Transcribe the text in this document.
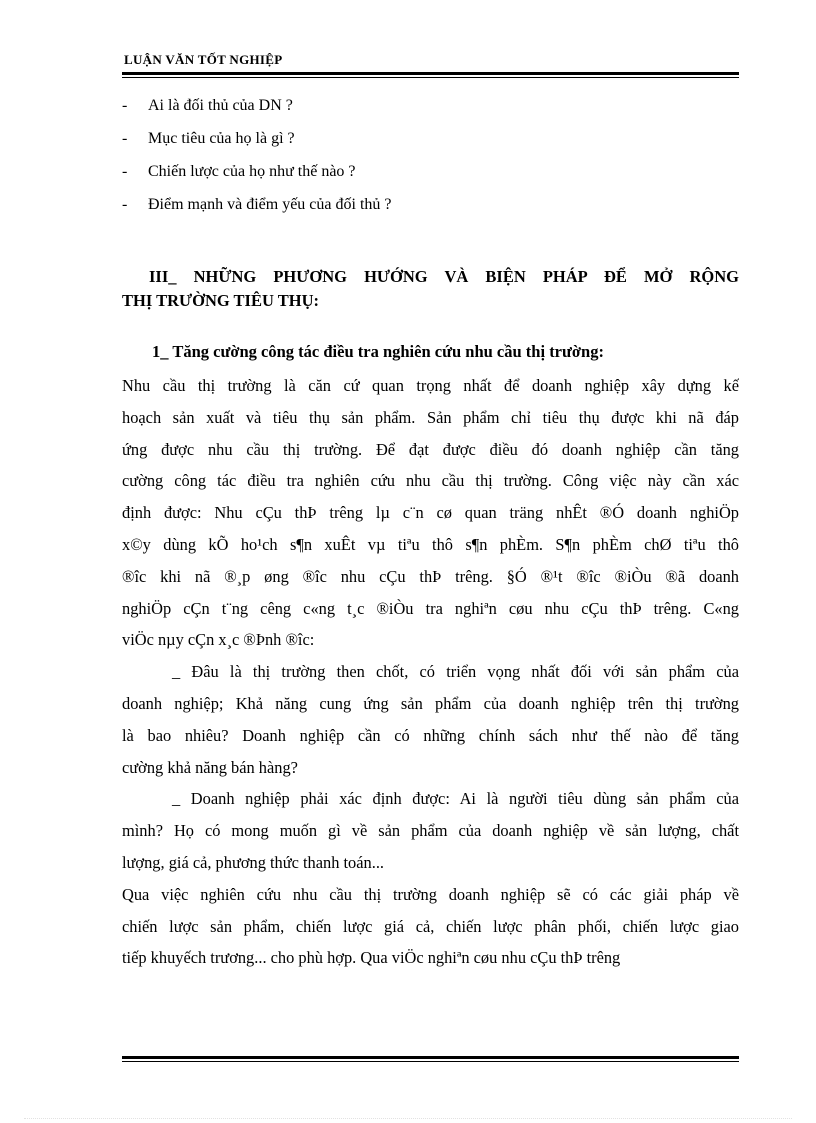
LUẬN VĂN TỐT NGHIỆP
-	Ai là đối thủ của DN ?
-	Mục tiêu của họ là gì ?
-	Chiến lược của họ như thế nào ?
-	Điểm mạnh và điểm yếu của đối thủ ?
III_ NHỮNG PHƯƠNG HƯỚNG VÀ BIỆN PHÁP ĐỂ MỞ RỘNG
THỊ TRƯỜNG TIÊU THỤ:
1_ Tăng cường công tác điều tra nghiên cứu nhu cầu thị trường:
Nhu cầu thị trường là căn cứ quan trọng nhất để doanh nghiệp xây dựng kế
hoạch sản xuất và tiêu thụ sản phẩm. Sản phẩm chỉ tiêu thụ được khi nã đáp
ứng được nhu cầu thị trường. Để đạt được điều đó doanh nghiệp cần tăng
cường công tác điều tra nghiên cứu nhu cầu thị trường. Công việc này cần xác
định được: Nhu cÇu thÞ trêng lµ c¨n cø quan träng nhÊt ®Ó doanh nghiÖp
x©y dùng kÕ ho¹ch s¶n xuÊt vµ tiªu thô s¶n phÈm. S¶n phÈm chØ tiªu thô
®îc khi nã ®¸p øng ®îc nhu cÇu thÞ trêng. §Ó ®¹t ®îc ®iÒu ®ã doanh
nghiÖp cÇn t¨ng cêng c«ng t¸c ®iÒu tra nghiªn cøu nhu cÇu thÞ trêng. C«ng
viÖc nµy cÇn x¸c ®Þnh ®îc:
_ Đâu là thị trường then chốt, có triển vọng nhất đối với sản phẩm của
doanh nghiệp; Khả năng cung ứng sản phẩm của doanh nghiệp trên thị trường
là bao nhiêu? Doanh nghiệp cần có những chính sách như thế nào để tăng
cường khả năng bán hàng?
_ Doanh nghiệp phải xác định được: Ai là người tiêu dùng sản phẩm của
mình? Họ có mong muốn gì về sản phẩm của doanh nghiệp về sản lượng, chất
lượng, giá cả, phương thức thanh toán...
Qua việc nghiên cứu nhu cầu thị trường doanh nghiệp sẽ có các giải pháp về
chiến lược sản phẩm, chiến lược giá cả, chiến lược phân phối, chiến lược giao
tiếp khuyếch trương... cho phù hợp. Qua viÖc nghiªn cøu nhu cÇu thÞ trêng
